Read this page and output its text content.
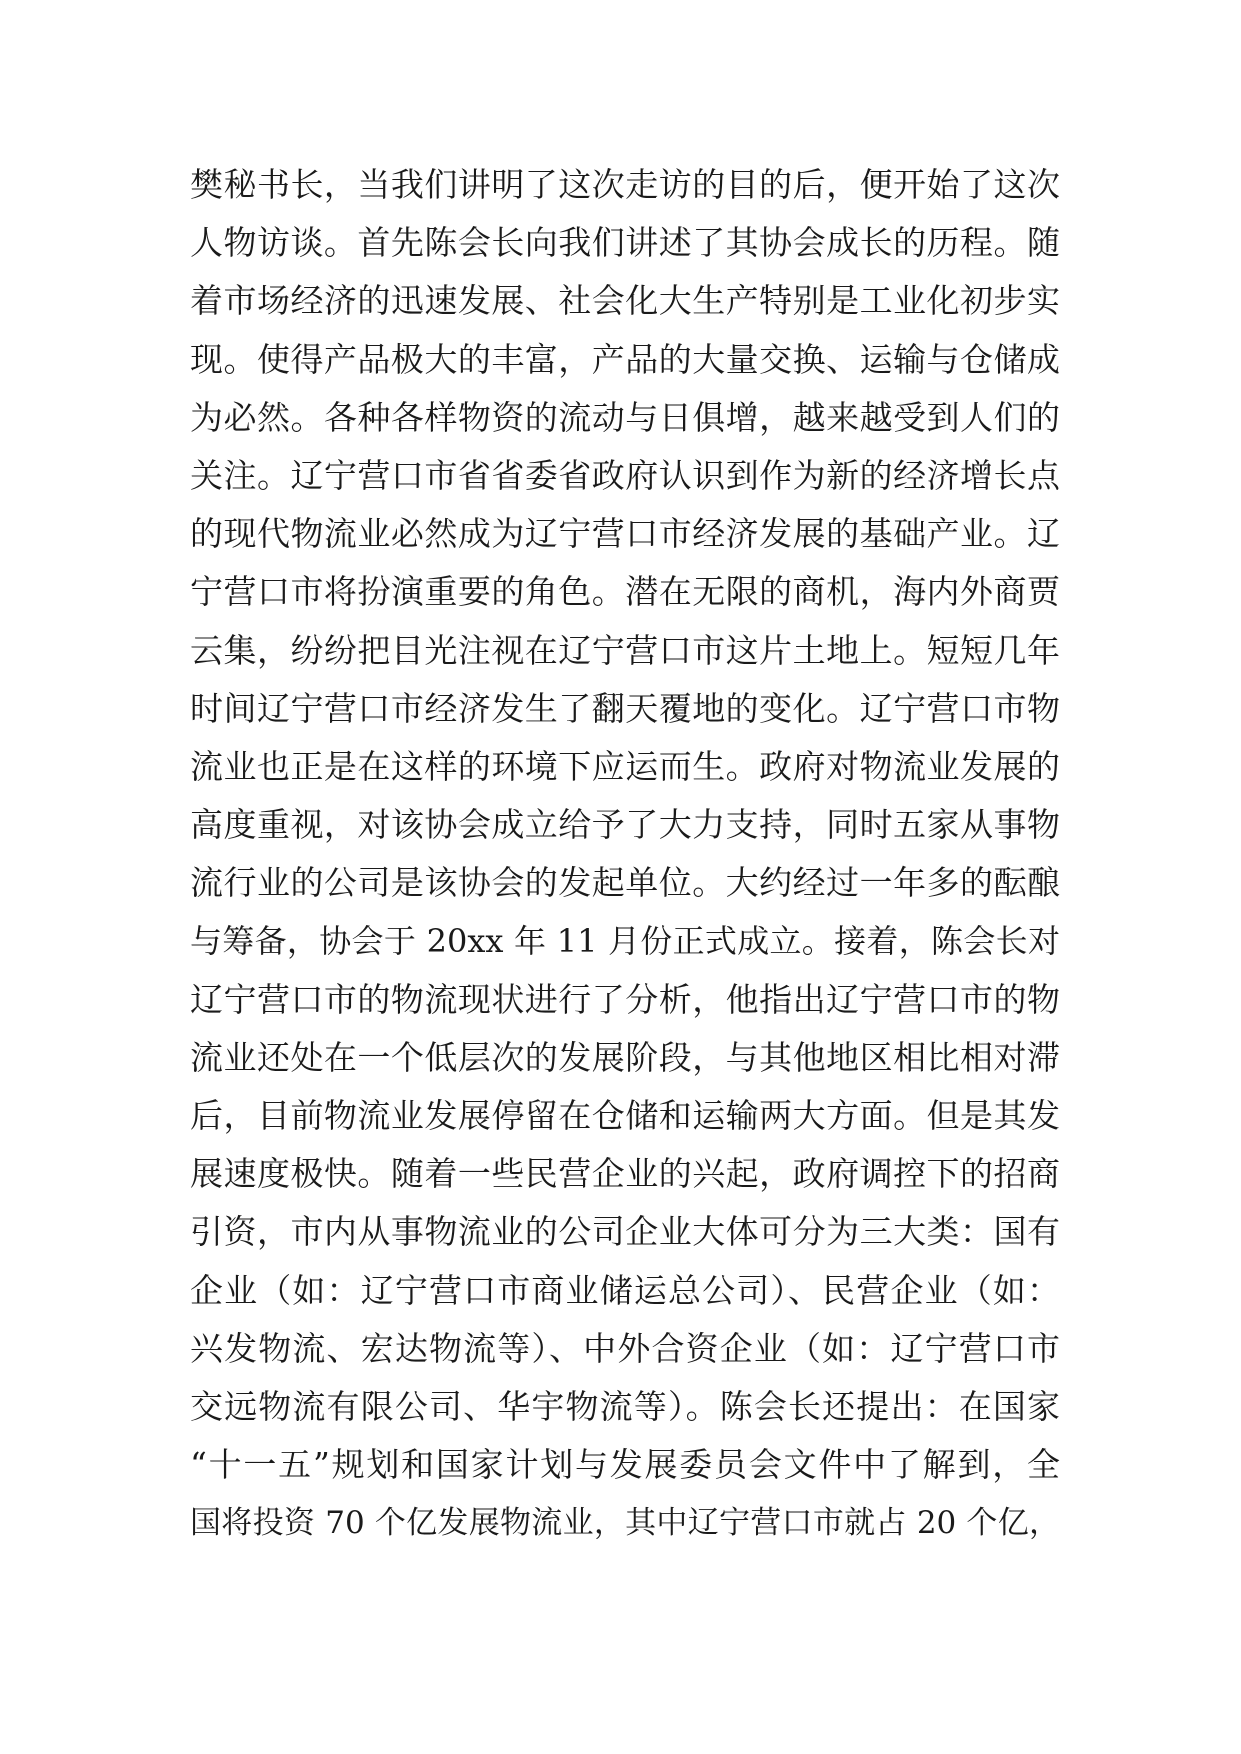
樊秘书长，当我们讲明了这次走访的目的后，便开始了这次
人物访谈。首先陈会长向我们讲述了其协会成长的历程。随
着市场经济的迅速发展、社会化大生产特别是工业化初步实
现。使得产品极大的丰富，产品的大量交换、运输与仓储成
为必然。各种各样物资的流动与日俱增，越来越受到人们的
关注。辽宁营口市省省委省政府认识到作为新的经济增长点
的现代物流业必然成为辽宁营口市经济发展的基础产业。辽
宁营口市将扮演重要的角色。潜在无限的商机，海内外商贾
云集，纷纷把目光注视在辽宁营口市这片土地上。短短几年
时间辽宁营口市经济发生了翻天覆地的变化。辽宁营口市物
流业也正是在这样的环境下应运而生。政府对物流业发展的
高度重视，对该协会成立给予了大力支持，同时五家从事物
流行业的公司是该协会的发起单位。大约经过一年多的酝酿
与筹备，协会于 20xx 年 11 月份正式成立。接着，陈会长对
辽宁营口市的物流现状进行了分析，他指出辽宁营口市的物
流业还处在一个低层次的发展阶段，与其他地区相比相对滞
后，目前物流业发展停留在仓储和运输两大方面。但是其发
展速度极快。随着一些民营企业的兴起，政府调控下的招商
引资，市内从事物流业的公司企业大体可分为三大类：国有
企业（如：辽宁营口市商业储运总公司）、民营企业（如：
兴发物流、宏达物流等）、中外合资企业（如：辽宁营口市
交远物流有限公司、华宇物流等）。陈会长还提出：在国家
“十一五”规划和国家计划与发展委员会文件中了解到，全
国将投资 70 个亿发展物流业，其中辽宁营口市就占 20 个亿，
